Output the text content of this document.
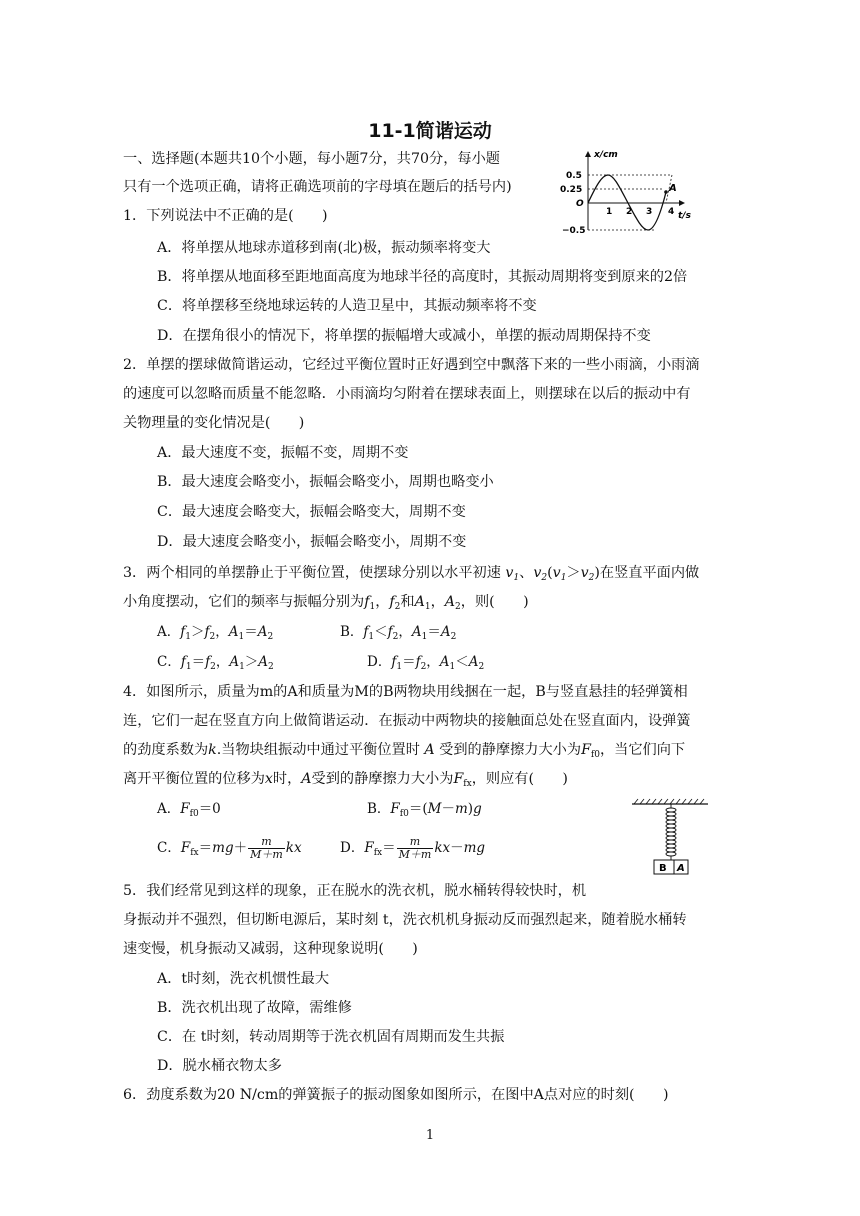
11-1简谐运动
一、选择题(本题共10个小题，每小题7分，共70分，每小题
只有一个选项正确，请将正确选项前的字母填在题后的括号内)
1．下列说法中不正确的是(　　)
A．将单摆从地球赤道移到南(北)极，振动频率将变大
B．将单摆从地面移至距地面高度为地球半径的高度时，其振动周期将变到原来的2倍
C．将单摆移至绕地球运转的人造卫星中，其振动频率将不变
D．在摆角很小的情况下，将单摆的振幅增大或减小，单摆的振动周期保持不变
2．单摆的摆球做简谐运动，它经过平衡位置时正好遇到空中飘落下来的一些小雨滴，小雨滴
的速度可以忽略而质量不能忽略．小雨滴均匀附着在摆球表面上，则摆球在以后的振动中有
关物理量的变化情况是(　　)
A．最大速度不变，振幅不变，周期不变
B．最大速度会略变小，振幅会略变小，周期也略变小
C．最大速度会略变大，振幅会略变大，周期不变
D．最大速度会略变小，振幅会略变小，周期不变
3．两个相同的单摆静止于平衡位置，使摆球分别以水平初速 $v_1$、$v_2(v_1>v_2)$在竖直平面内做
小角度摆动，它们的频率与振幅分别为$f_1$，$f_2$和$A_1$，$A_2$，则(　　)
A．$f_1>f_2$，$A_1=A_2$	B．$f_1<f_2$，$A_1=A_2$
C．$f_1=f_2$，$A_1>A_2$	D．$f_1=f_2$，$A_1<A_2$
4．如图所示，质量为m的A和质量为M的B两物块用线捆在一起，B与竖直悬挂的轻弹簧相
连，它们一起在竖直方向上做简谐运动．在振动中两物块的接触面总处在竖直面内，设弹簧
的劲度系数为k.当物块组振动中通过平衡位置时 A 受到的静摩擦力大小为$F_{f0}$，当它们向下
离开平衡位置的位移为x时，A受到的静摩擦力大小为$F_{fx}$，则应有(　　)
A．$F_{f0}=0$	B．$F_{f0}=(M-m)g$
C．$F_{fx}=mg+ \frac{m}{M+m}$ kx	D．$F_{fx}= \frac{m}{M+m} kx-mg$
5．我们经常见到这样的现象，正在脱水的洗衣机，脱水桶转得较快时，机
身振动并不强烈，但切断电源后，某时刻 t，洗衣机机身振动反而强烈起来，随着脱水桶转
速变慢，机身振动又减弱，这种现象说明(　　)
A．t时刻，洗衣机惯性最大
B．洗衣机出现了故障，需维修
C．在 t时刻，转动周期等于洗衣机固有周期而发生共振
D．脱水桶衣物太多
6．劲度系数为20 N/cm的弹簧振子的振动图象如图所示，在图中A点对应的时刻(　　)
x/cm
t/s
0.5
0.25
O
−0.5
1 2 3 4
A
B A
1
